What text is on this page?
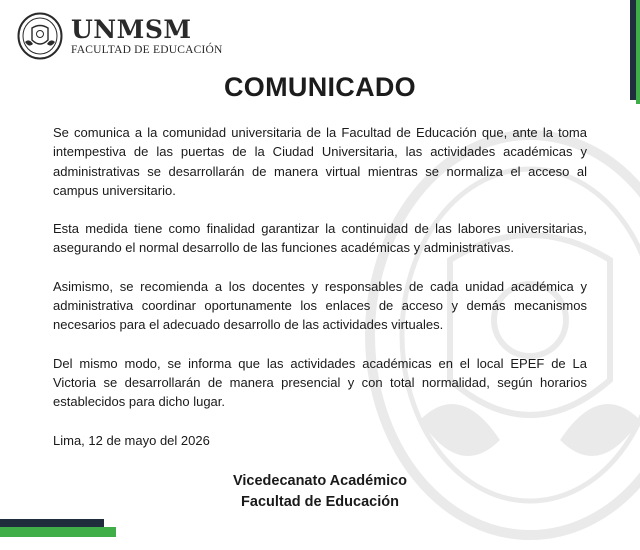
UNMSM
FACULTAD DE EDUCACIÓN
COMUNICADO

Se comunica a la comunidad universitaria de la Facultad de Educación que, ante la toma intempestiva de las puertas de la Ciudad Universitaria, las actividades académicas y administrativas se desarrollarán de manera virtual mientras se normaliza el acceso al campus universitario.

Esta medida tiene como finalidad garantizar la continuidad de las labores universitarias, asegurando el normal desarrollo de las funciones académicas y administrativas.

Asimismo, se recomienda a los docentes y responsables de cada unidad académica y administrativa coordinar oportunamente los enlaces de acceso y demás mecanismos necesarios para el adecuado desarrollo de las actividades virtuales.

Del mismo modo, se informa que las actividades académicas en el local EPEF de La Victoria se desarrollarán de manera presencial y con total normalidad, según horarios establecidos para dicho lugar.

Lima, 12 de mayo del 2026
Vicedecanato Académico
Facultad de Educación
